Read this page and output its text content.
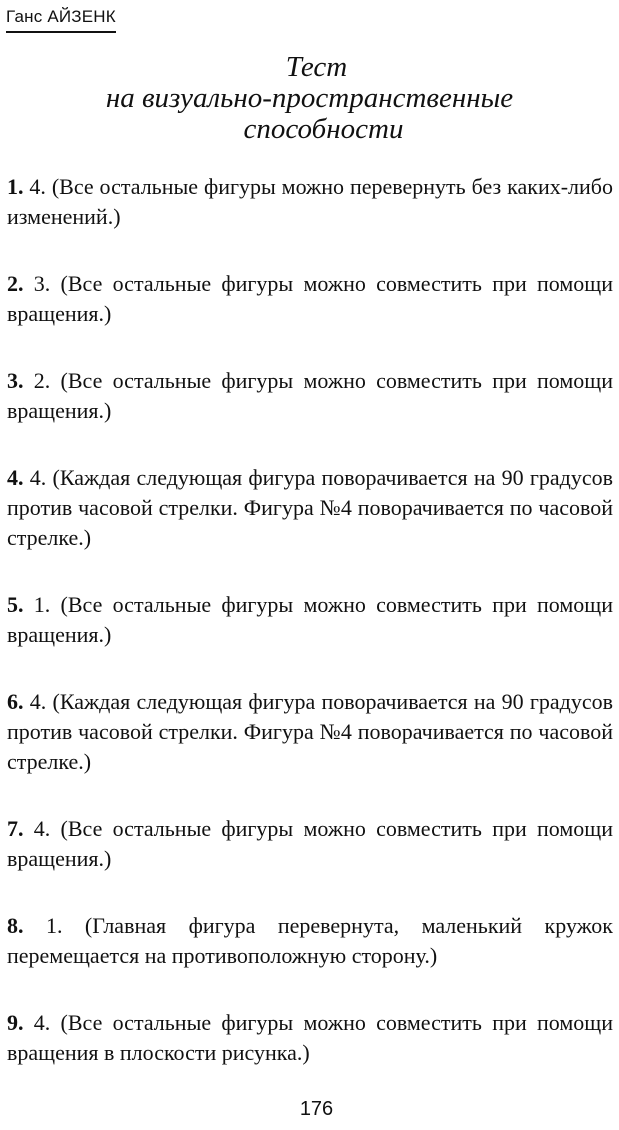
Ганс АЙЗЕНК
Тест
на визуально-пространственные
способности
1. 4. (Все остальные фигуры можно перевернуть без каких-либо изменений.)
2. 3. (Все остальные фигуры можно совместить при помощи вращения.)
3. 2. (Все остальные фигуры можно совместить при помощи вращения.)
4. 4. (Каждая следующая фигура поворачивается на 90 градусов против часовой стрелки. Фигура №4 поворачивается по часовой стрелке.)
5. 1. (Все остальные фигуры можно совместить при помощи вращения.)
6. 4. (Каждая следующая фигура поворачивается на 90 градусов против часовой стрелки. Фигура №4 поворачивается по часовой стрелке.)
7. 4. (Все остальные фигуры можно совместить при помощи вращения.)
8. 1. (Главная фигура перевернута, маленький кружок перемещается на противоположную сторону.)
9. 4. (Все остальные фигуры можно совместить при помощи вращения в плоскости рисунка.)
176
